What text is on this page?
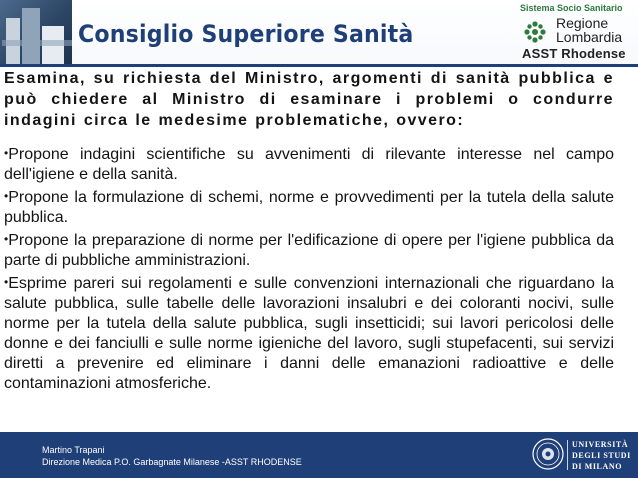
Consiglio Superiore Sanità
Sistema Socio Sanitario
Regione
Lombardia
ASST Rhodense

Esamina, su richiesta del Ministro, argomenti di sanità pubblica e può chiedere al Ministro di esaminare i problemi o condurre indagini circa le medesime problematiche, ovvero:

•Propone indagini scientifiche su avvenimenti di rilevante interesse nel campo dell'igiene e della sanità.
•Propone la formulazione di schemi, norme e provvedimenti per la tutela della salute pubblica.
•Propone la preparazione di norme per l'edificazione di opere per l'igiene pubblica da parte di pubbliche amministrazioni.
•Esprime pareri sui regolamenti e sulle convenzioni internazionali che riguardano la salute pubblica, sulle tabelle delle lavorazioni insalubri e dei coloranti nocivi, sulle norme per la tutela della salute pubblica, sugli insetticidi; sui lavori pericolosi delle donne e dei fanciulli e sulle norme igieniche del lavoro, sugli stupefacenti, sui servizi diretti a prevenire ed eliminare i danni delle emanazioni radioattive e delle contaminazioni atmosferiche.
Martino Trapani
Direzione Medica P.O. Garbagnate Milanese -ASST RHODENSE
UNIVERSITÀ
DEGLI STUDI
DI MILANO
